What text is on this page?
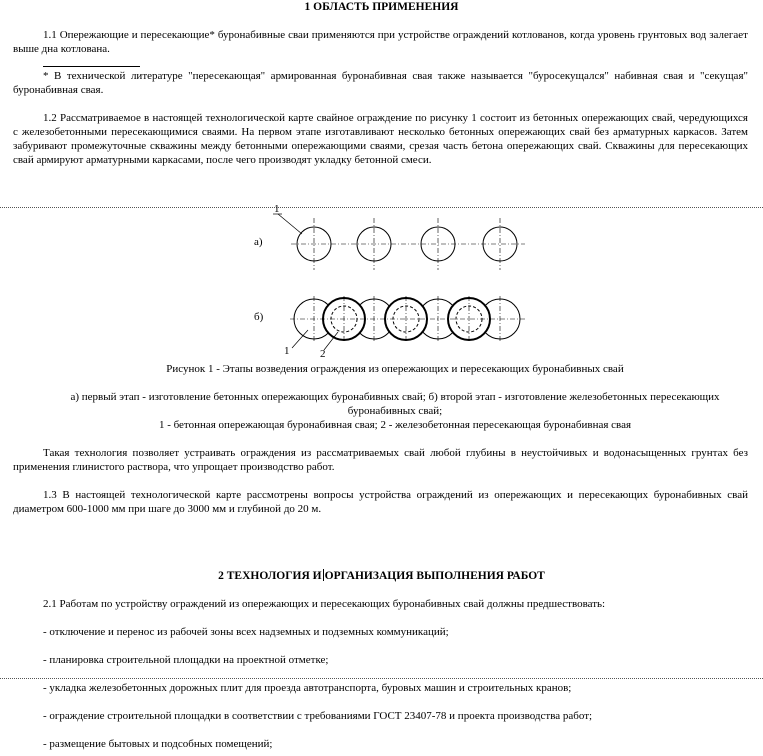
1 ОБЛАСТЬ ПРИМЕНЕНИЯ
1.1 Опережающие и пересекающие* буронабивные сваи применяются при устройстве ограждений котлованов, когда уровень грунтовых вод залегает выше дна котлована.
* В технической литературе "пересекающая" армированная буронабивная свая также называется "буросекущался" набивная свая и "секущая" буронабивная свая.
1.2 Рассматриваемое в настоящей технологической карте свайное ограждение по рисунку 1 состоит из бетонных опережающих свай, чередующихся с железобетонными пересекающимися сваями. На первом этапе изготавливают несколько бетонных опережающих свай без арматурных каркасов. Затем забуривают промежуточные скважины между бетонными опережающими сваями, срезая часть бетона опережающих свай. Скважины для пересекающих свай армируют арматурными каркасами, после чего производят укладку бетонной смеси.
а)
1
б)
1	2
Рисунок 1 - Этапы возведения ограждения из опережающих и пересекающих буронабивных свай
а) первый этап - изготовление бетонных опережающих буронабивных свай; б) второй этап - изготовление железобетонных пересекающих буронабивных свай;
1 - бетонная опережающая буронабивная свая; 2 - железобетонная пересекающая буронабивная свая
Такая технология позволяет устраивать ограждения из рассматриваемых свай любой глубины в неустойчивых и водонасыщенных грунтах без применения глинистого раствора, что упрощает производство работ.
1.3 В настоящей технологической карте рассмотрены вопросы устройства ограждений из опережающих и пересекающих буронабивных свай диаметром 600-1000 мм при шаге до 3000 мм и глубиной до 20 м.
2 ТЕХНОЛОГИЯ И ОРГАНИЗАЦИЯ ВЫПОЛНЕНИЯ РАБОТ
2.1 Работам по устройству ограждений из опережающих и пересекающих буронабивных свай должны предшествовать:
- отключение и перенос из рабочей зоны всех надземных и подземных коммуникаций;
- планировка строительной площадки на проектной отметке;
- укладка железобетонных дорожных плит для проезда автотранспорта, буровых машин и строительных кранов;
- ограждение строительной площадки в соответствии с требованиями ГОСТ 23407-78 и проекта производства работ;
- размещение бытовых и подсобных помещений;
